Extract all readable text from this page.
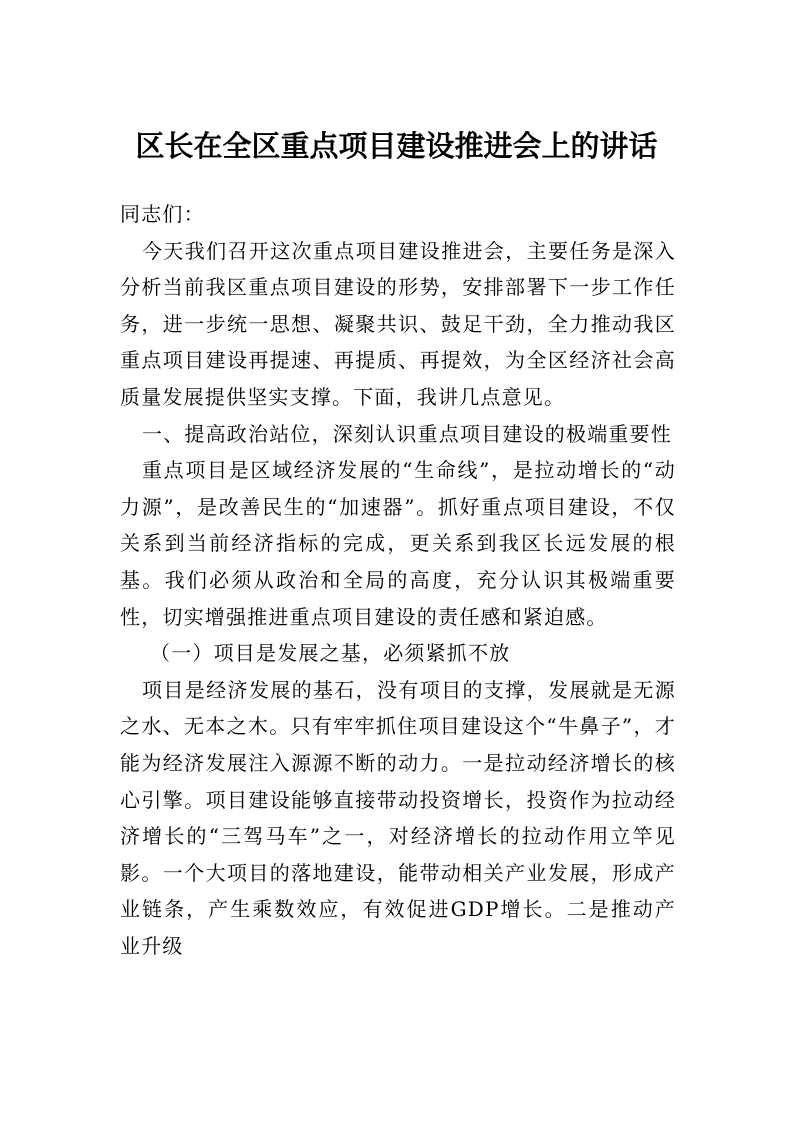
区长在全区重点项目建设推进会上的讲话

同志们：

今天我们召开这次重点项目建设推进会，主要任务是深入分析当前我区重点项目建设的形势，安排部署下一步工作任务，进一步统一思想、凝聚共识、鼓足干劲，全力推动我区重点项目建设再提速、再提质、再提效，为全区经济社会高质量发展提供坚实支撑。下面，我讲几点意见。

一、提高政治站位，深刻认识重点项目建设的极端重要性

重点项目是区域经济发展的“生命线”，是拉动增长的“动力源”，是改善民生的“加速器”。抓好重点项目建设，不仅关系到当前经济指标的完成，更关系到我区长远发展的根基。我们必须从政治和全局的高度，充分认识其极端重要性，切实增强推进重点项目建设的责任感和紧迫感。

（一）项目是发展之基，必须紧抓不放

项目是经济发展的基石，没有项目的支撑，发展就是无源之水、无本之木。只有牢牢抓住项目建设这个“牛鼻子”，才能为经济发展注入源源不断的动力。一是拉动经济增长的核心引擎。项目建设能够直接带动投资增长，投资作为拉动经济增长的“三驾马车”之一，对经济增长的拉动作用立竿见影。一个大项目的落地建设，能带动相关产业发展，形成产业链条，产生乘数效应，有效促进GDP增长。二是推动产业升级
